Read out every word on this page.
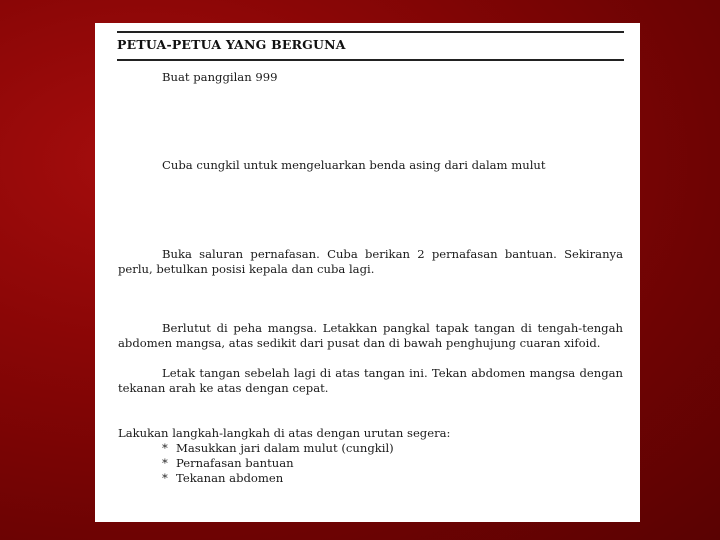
PETUA-PETUA YANG BERGUNA
Buat panggilan 999
Cuba cungkil untuk mengeluarkan benda asing dari dalam mulut
Buka saluran pernafasan. Cuba berikan 2 pernafasan bantuan. Sekiranya perlu, betulkan posisi kepala dan cuba lagi.
Berlutut di peha mangsa. Letakkan pangkal tapak tangan di tengah-tengah abdomen mangsa, atas sedikit dari pusat dan di bawah penghujung cuaran xifoid.
Letak tangan sebelah lagi di atas tangan ini. Tekan abdomen mangsa dengan tekanan arah ke atas dengan cepat.
Lakukan langkah-langkah di atas dengan urutan segera:
* Masukkan jari dalam mulut (cungkil)
* Pernafasan bantuan
* Tekanan abdomen
